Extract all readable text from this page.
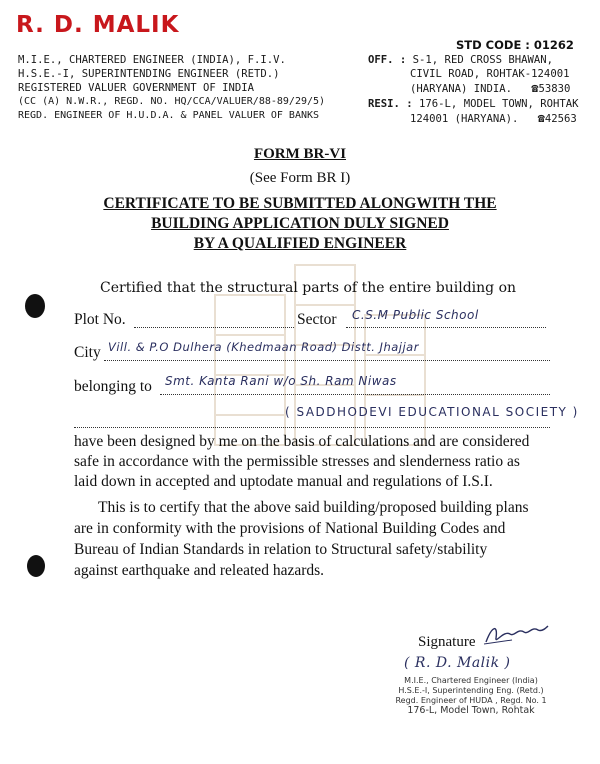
R. D. MALIK
M.I.E., CHARTERED ENGINEER (INDIA), F.I.V.
H.S.E.-I, SUPERINTENDING ENGINEER (RETD.)
REGISTERED VALUER GOVERNMENT OF INDIA
(CC (A) N.W.R., REGD. NO. HQ/CCA/VALUER/88-89/29/5)
REGD. ENGINEER OF H.U.D.A. & PANEL VALUER OF BANKS
STD CODE : 01262
OFF. : S-1, RED CROSS BHAWAN,
CIVIL ROAD, ROHTAK-124001
(HARYANA) INDIA. ☎53830
RESI. : 176-L, MODEL TOWN, ROHTAK
124001 (HARYANA). ☎42563
FORM BR-VI
(See Form BR I)
CERTIFICATE TO BE SUBMITTED ALONGWITH THE
BUILDING APPLICATION DULY SIGNED
BY A QUALIFIED ENGINEER
Certified that the structural parts of the entire building on
Plot No.	Sector C.S.M Public School
City Vill. & P.O Dulhera (Khedmaan Road) Distt. Jhajjar
belonging to Smt. Kanta Rani w/o Sh. Ram Niwas
( SADDHODEVI EDUCATIONAL SOCIETY )
have been designed by me on the basis of calculations and are considered
safe in accordance with the permissible stresses and slenderness ratio as
laid down in accepted and uptodate manual and regulations of I.S.I.
This is to certify that the above said building/proposed building plans
are in conformity with the provisions of National Building Codes and
Bureau of Indian Standards in relation to Structural safety/stability
against earthquake and releated hazards.
Signature
( R. D. Malik )
M.I.E., Chartered Engineer (India)
H.S.E.-I, Superintending Eng. (Retd.)
Regd. Engineer of HUDA , Regd. No. 1
176-L, Model Town, Rohtak
